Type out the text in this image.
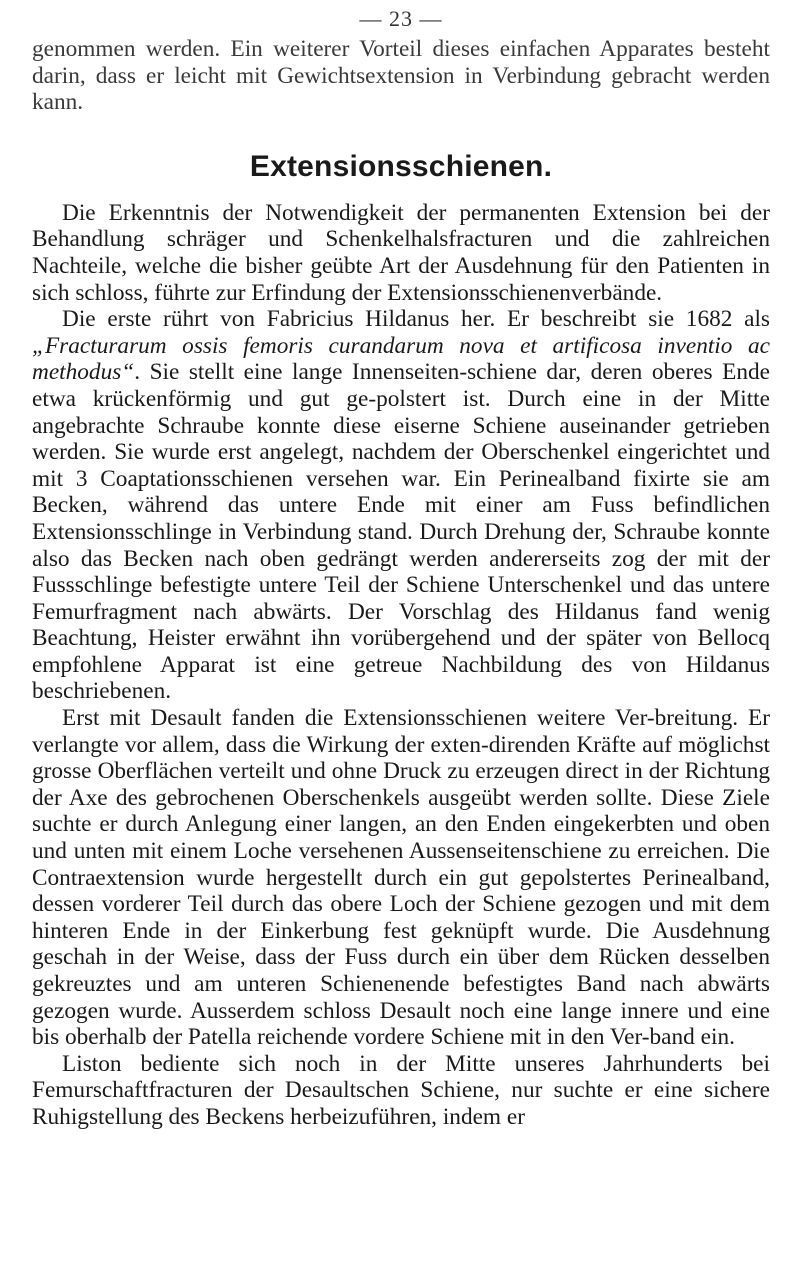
— 23 —

genommen werden. Ein weiterer Vorteil dieses einfachen Apparates besteht darin, dass er leicht mit Gewichtsextension in Verbindung gebracht werden kann.

Extensionsschienen.

Die Erkenntnis der Notwendigkeit der permanenten Extension bei der Behandlung schräger und Schenkelhalsfracturen und die zahlreichen Nachteile, welche die bisher geübte Art der Ausdehnung für den Patienten in sich schloss, führte zur Erfindung der Extensionsschienenverbände.

Die erste rührt von Fabricius Hildanus her. Er beschreibt sie 1682 als „Fracturarum ossis femoris curandarum nova et artificosa inventio ac methodus“. Sie stellt eine lange Innenseiten-schiene dar, deren oberes Ende etwa krückenförmig und gut ge-polstert ist. Durch eine in der Mitte angebrachte Schraube konnte diese eiserne Schiene auseinander getrieben werden. Sie wurde erst angelegt, nachdem der Oberschenkel eingerichtet und mit 3 Coaptationsschienen versehen war. Ein Perinealband fixirte sie am Becken, während das untere Ende mit einer am Fuss befindlichen Extensionsschlinge in Verbindung stand. Durch Drehung der, Schraube konnte also das Becken nach oben gedrängt werden andererseits zog der mit der Fussschlinge befestigte untere Teil der Schiene Unterschenkel und das untere Femurfragment nach abwärts. Der Vorschlag des Hildanus fand wenig Beachtung, Heister erwähnt ihn vorübergehend und der später von Bellocq empfohlene Apparat ist eine getreue Nachbildung des von Hildanus beschriebenen.

Erst mit Desault fanden die Extensionsschienen weitere Ver-breitung. Er verlangte vor allem, dass die Wirkung der exten-direnden Kräfte auf möglichst grosse Oberflächen verteilt und ohne Druck zu erzeugen direct in der Richtung der Axe des gebrochenen Oberschenkels ausgeübt werden sollte. Diese Ziele suchte er durch Anlegung einer langen, an den Enden eingekerbten und oben und unten mit einem Loche versehenen Aussenseitenschiene zu erreichen. Die Contraextension wurde hergestellt durch ein gut gepolstertes Perinealband, dessen vorderer Teil durch das obere Loch der Schiene gezogen und mit dem hinteren Ende in der Einkerbung fest geknüpft wurde. Die Ausdehnung geschah in der Weise, dass der Fuss durch ein über dem Rücken desselben gekreuztes und am unteren Schienenende befestigtes Band nach abwärts gezogen wurde. Ausserdem schloss Desault noch eine lange innere und eine bis oberhalb der Patella reichende vordere Schiene mit in den Ver-band ein.

Liston bediente sich noch in der Mitte unseres Jahrhunderts bei Femurschaftfracturen der Desaultschen Schiene, nur suchte er eine sichere Ruhigstellung des Beckens herbeizuführen, indem er
